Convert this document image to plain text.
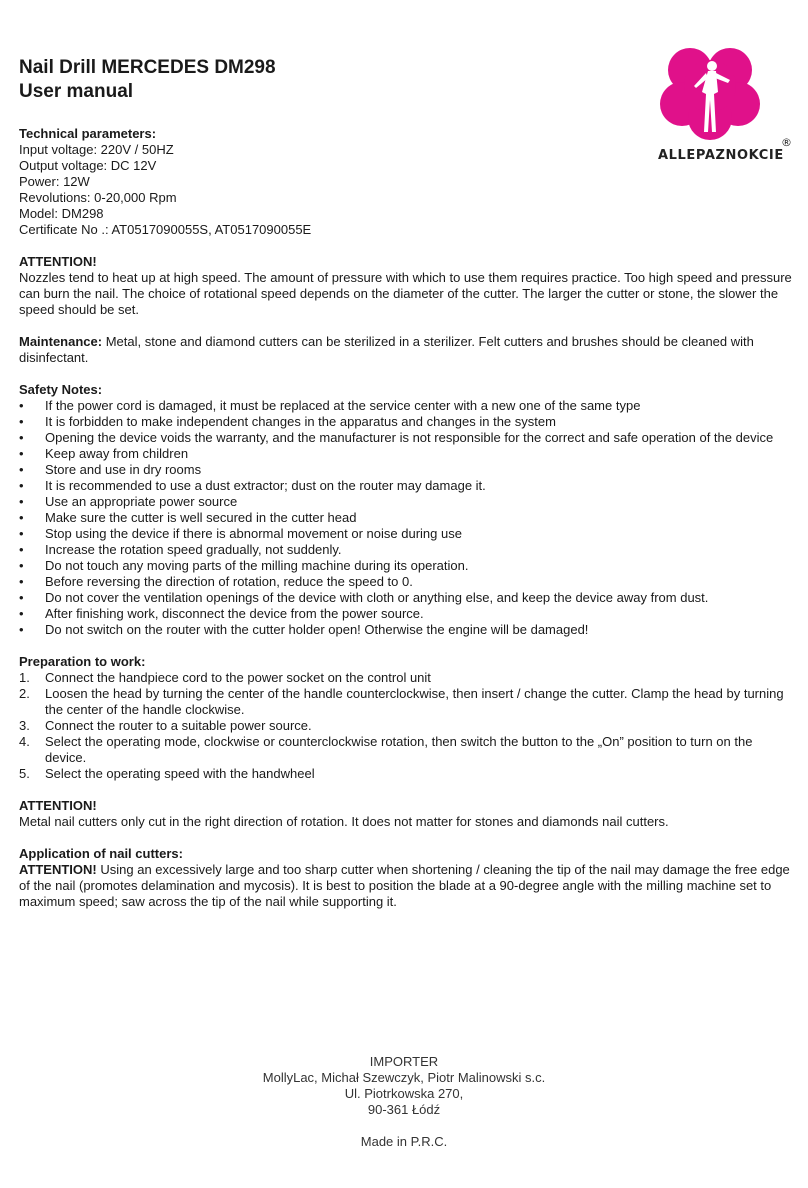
Nail Drill MERCEDES DM298
User manual
ALLEPAZNOKCIE
®

Technical parameters:

Input voltage: 220V / 50HZ

Output voltage: DC 12V

Power: 12W

Revolutions: 0-20,000 Rpm

Model: DM298

Certificate No .: AT0517090055S, AT0517090055E

ATTENTION!

Nozzles tend to heat up at high speed. The amount of pressure with which to use them requires practice. Too high speed and pressure can burn the nail. The choice of rotational speed depends on the diameter of the cutter. The larger the cutter or stone, the slower the speed should be set.

Maintenance: Metal, stone and diamond cutters can be sterilized in a sterilizer. Felt cutters and brushes should be cleaned with disinfectant.

Safety Notes:

•	If the power cord is damaged, it must be replaced at the service center with a new one of the same type
•	It is forbidden to make independent changes in the apparatus and changes in the system
•	Opening the device voids the warranty, and the manufacturer is not responsible for the correct and safe operation of the device
•	Keep away from children
•	Store and use in dry rooms
•	It is recommended to use a dust extractor; dust on the router may damage it.
•	Use an appropriate power source
•	Make sure the cutter is well secured in the cutter head
•	Stop using the device if there is abnormal movement or noise during use
•	Increase the rotation speed gradually, not suddenly.
•	Do not touch any moving parts of the milling machine during its operation.
•	Before reversing the direction of rotation, reduce the speed to 0.
•	Do not cover the ventilation openings of the device with cloth or anything else, and keep the device away from dust.
•	After finishing work, disconnect the device from the power source.
•	Do not switch on the router with the cutter holder open! Otherwise the engine will be damaged!

Preparation to work:

1.	Connect the handpiece cord to the power socket on the control unit
2.	Loosen the head by turning the center of the handle counterclockwise, then insert / change the cutter. Clamp the head by turning the center of the handle clockwise.
3.	Connect the router to a suitable power source.
4.	Select the operating mode, clockwise or counterclockwise rotation, then switch the button to the „On” position to turn on the device.
5.	Select the operating speed with the handwheel

ATTENTION!

Metal nail cutters only cut in the right direction of rotation. It does not matter for stones and diamonds nail cutters.

Application of nail cutters:

ATTENTION! Using an excessively large and too sharp cutter when shortening / cleaning the tip of the nail may damage the free edge of the nail (promotes delamination and mycosis). It is best to position the blade at a 90-degree angle with the milling machine set to maximum speed; saw across the tip of the nail while supporting it.

IMPORTER
MollyLac, Michał Szewczyk, Piotr Malinowski s.c.
Ul. Piotrkowska 270,
90-361 Łódź
Made in P.R.C.
